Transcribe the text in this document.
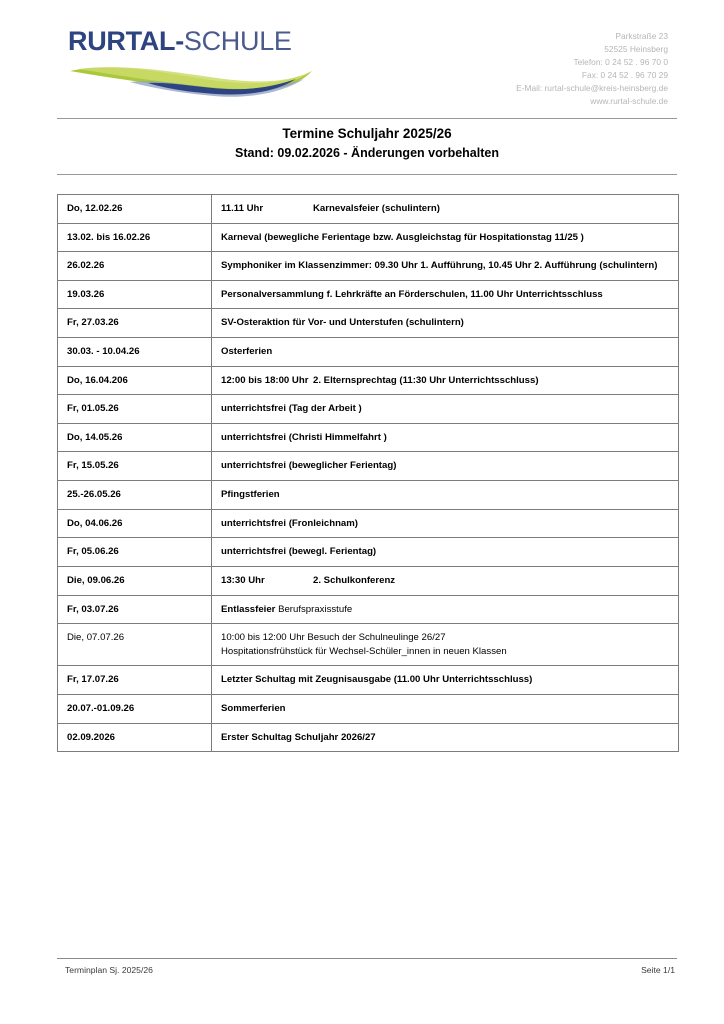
RURTAL-SCHULE	Parkstraße 23
52525 Heinsberg
Telefon: 0 24 52 . 96 70 0
Fax: 0 24 52 . 96 70 29
E-Mail: rurtal-schule@kreis-heinsberg.de
www.rurtal-schule.de
Termine Schuljahr 2025/26
Stand: 09.02.2026 - Änderungen vorbehalten
Do, 12.02.26	11.11 Uhr Karnevalsfeier (schulintern)
13.02. bis 16.02.26	Karneval (bewegliche Ferientage bzw. Ausgleichstag für Hospitationstag 11/25 )
26.02.26	Symphoniker im Klassenzimmer: 09.30 Uhr 1. Aufführung, 10.45 Uhr 2. Aufführung (schulintern)
19.03.26	Personalversammlung f. Lehrkräfte an Förderschulen, 11.00 Uhr Unterrichtsschluss
Fr, 27.03.26	SV-Osteraktion für Vor- und Unterstufen (schulintern)
30.03. - 10.04.26	Osterferien
Do, 16.04.206	12:00 bis 18:00 Uhr 2. Elternsprechtag (11:30 Uhr Unterrichtsschluss)
Fr, 01.05.26	unterrichtsfrei (Tag der Arbeit )
Do, 14.05.26	unterrichtsfrei (Christi Himmelfahrt )
Fr, 15.05.26	unterrichtsfrei (beweglicher Ferientag)
25.-26.05.26	Pfingstferien
Do, 04.06.26	unterrichtsfrei (Fronleichnam)
Fr, 05.06.26	unterrichtsfrei (bewegl. Ferientag)
Die, 09.06.26	13:30 Uhr 2. Schulkonferenz
Fr, 03.07.26	Entlassfeier Berufspraxisstufe
Die, 07.07.26	10:00 bis 12:00 Uhr Besuch der Schulneulinge 26/27
Hospitationsfrühstück für Wechsel-Schüler_innen in neuen Klassen

Fr, 17.07.26	Letzter Schultag mit Zeugnisausgabe (11.00 Uhr Unterrichtsschluss)
20.07.-01.09.26	Sommerferien
02.09.2026	Erster Schultag Schuljahr 2026/27
Terminplan Sj. 2025/26	Seite 1/1
